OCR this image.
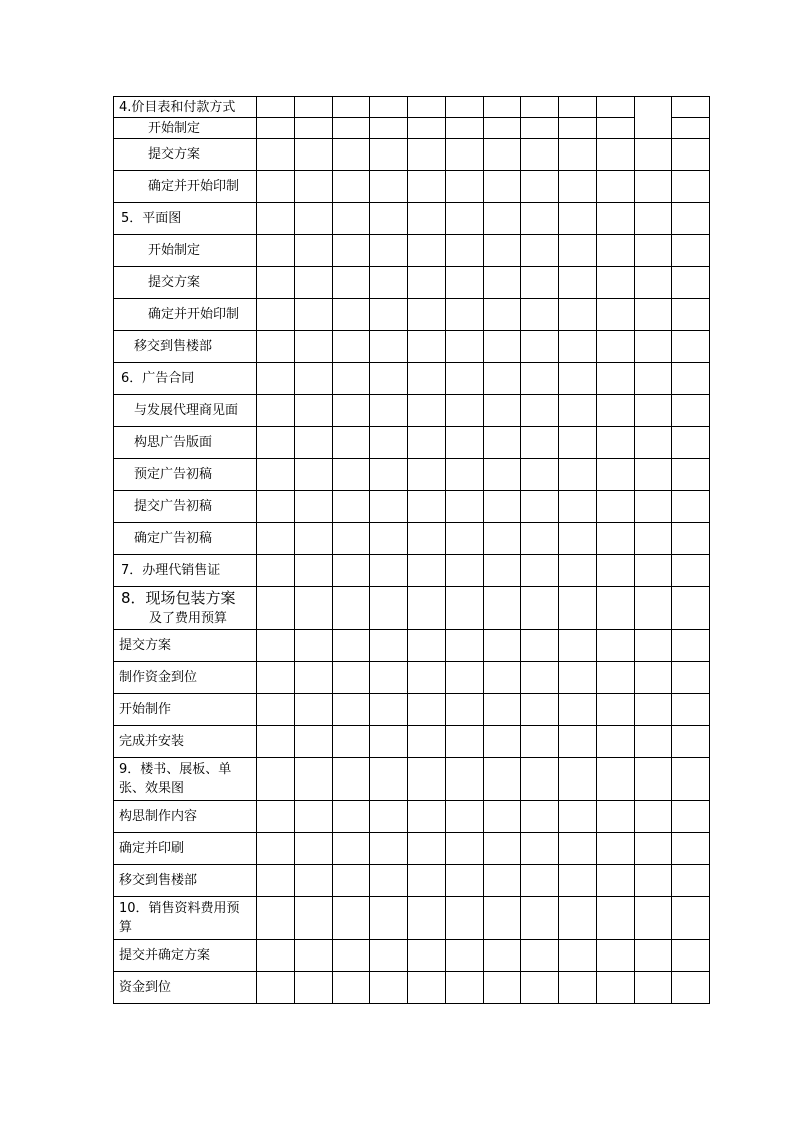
4.价目表和付款方式												
开始制定												
提交方案												
确定并开始印制												
5．平面图												
开始制定												
提交方案												
确定并开始印制												
移交到售楼部												
6．广告合同												
与发展代理商见面												
构思广告版面												
预定广告初稿												
提交广告初稿												
确定广告初稿												
7．办理代销售证												
8．现场包装方案
及了费用预算												

提交方案												
制作资金到位												
开始制作												
完成并安装												
9．楼书、展板、单张、效果图												
构思制作内容												
确定并印刷												
移交到售楼部												
10．销售资料费用预算												
提交并确定方案												
资金到位												
